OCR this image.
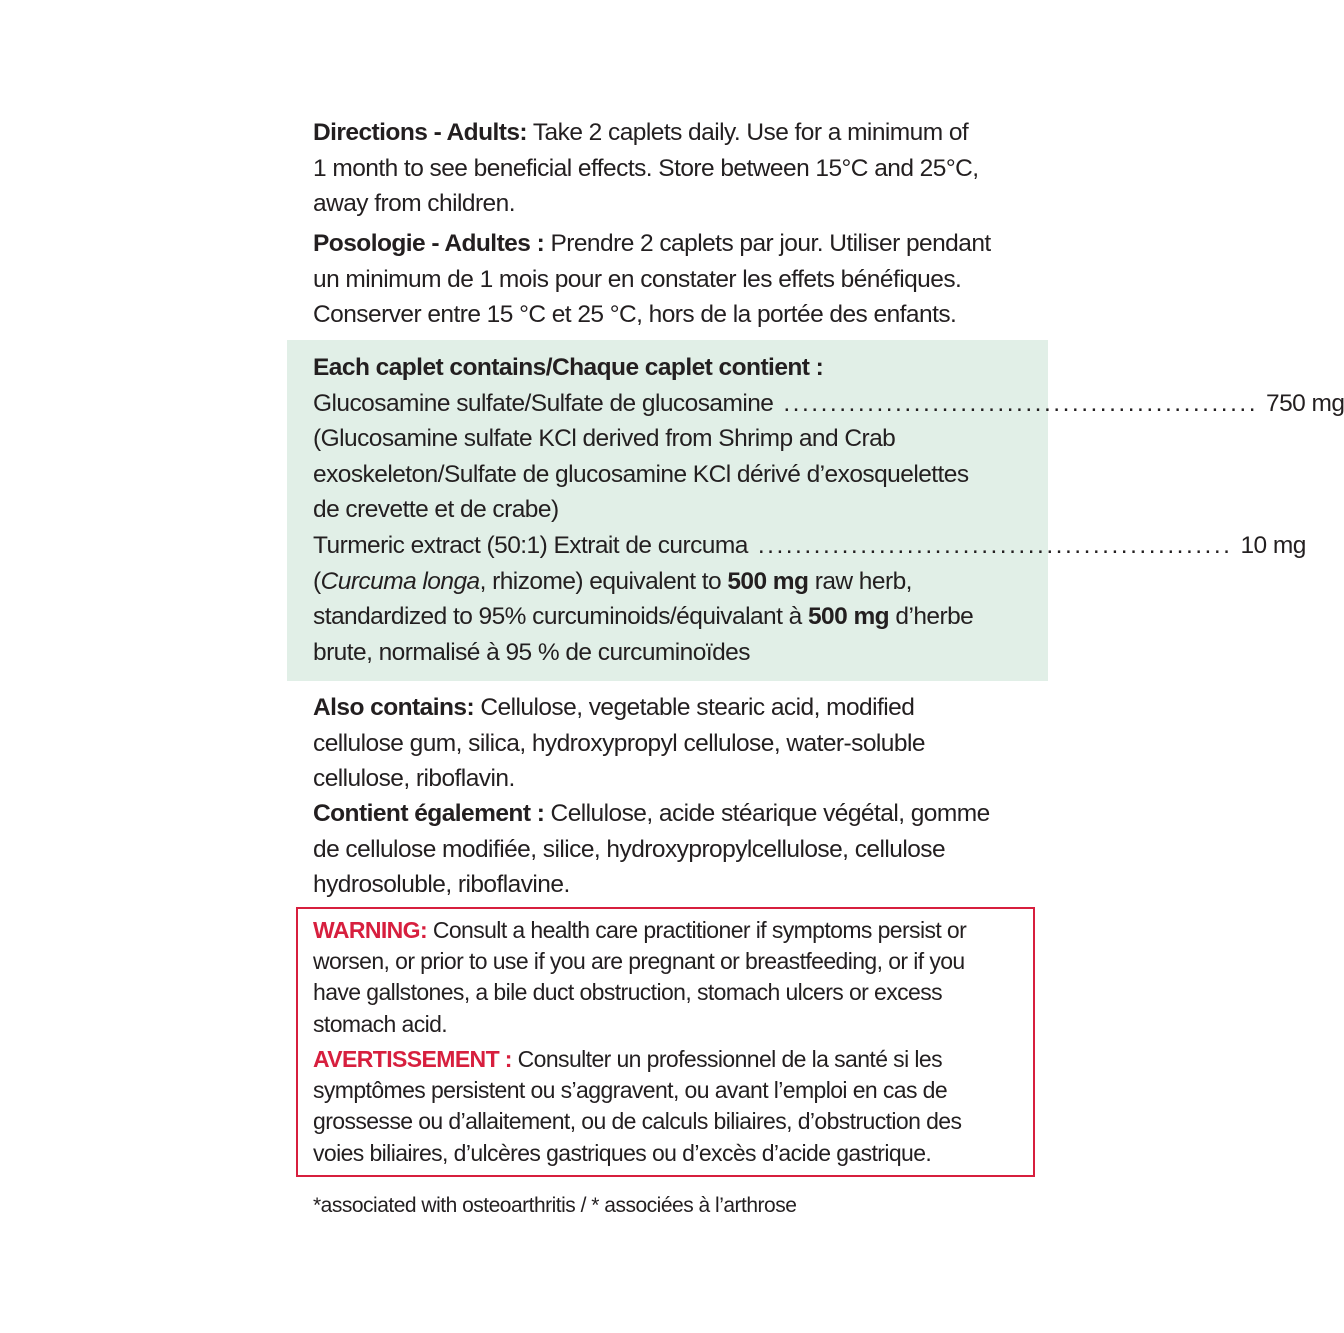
Directions - Adults: Take 2 caplets daily. Use for a minimum of
1 month to see beneficial effects. Store between 15°C and 25°C,
away from children.

Posologie - Adultes : Prendre 2 caplets par jour. Utiliser pendant
un minimum de 1 mois pour en constater les effets bénéfiques.
Conserver entre 15 °C et 25 °C, hors de la portée des enfants.

Each caplet contains/Chaque caplet contient :
Glucosamine sulfate/Sulfate de glucosamine ................................................... 750 mg
(Glucosamine sulfate KCl derived from Shrimp and Crab
exoskeleton/Sulfate de glucosamine KCl dérivé d’exosquelettes
de crevette et de crabe)
Turmeric extract (50:1) Extrait de curcuma ................................................... 10 mg
(Curcuma longa, rhizome) equivalent to 500 mg raw herb,
standardized to 95% curcuminoids/équivalant à 500 mg d’herbe
brute, normalisé à 95 % de curcuminoïdes

Also contains: Cellulose, vegetable stearic acid, modified
cellulose gum, silica, hydroxypropyl cellulose, water-soluble
cellulose, riboflavin.

Contient également : Cellulose, acide stéarique végétal, gomme
de cellulose modifiée, silice, hydroxypropylcellulose, cellulose
hydrosoluble, riboflavine.

WARNING: Consult a health care practitioner if symptoms persist or
worsen, or prior to use if you are pregnant or breastfeeding, or if you
have gallstones, a bile duct obstruction, stomach ulcers or excess
stomach acid.

AVERTISSEMENT : Consulter un professionnel de la santé si les
symptômes persistent ou s’aggravent, ou avant l’emploi en cas de
grossesse ou d’allaitement, ou de calculs biliaires, d’obstruction des
voies biliaires, d’ulcères gastriques ou d’excès d’acide gastrique.

*associated with osteoarthritis / * associées à l’arthrose
